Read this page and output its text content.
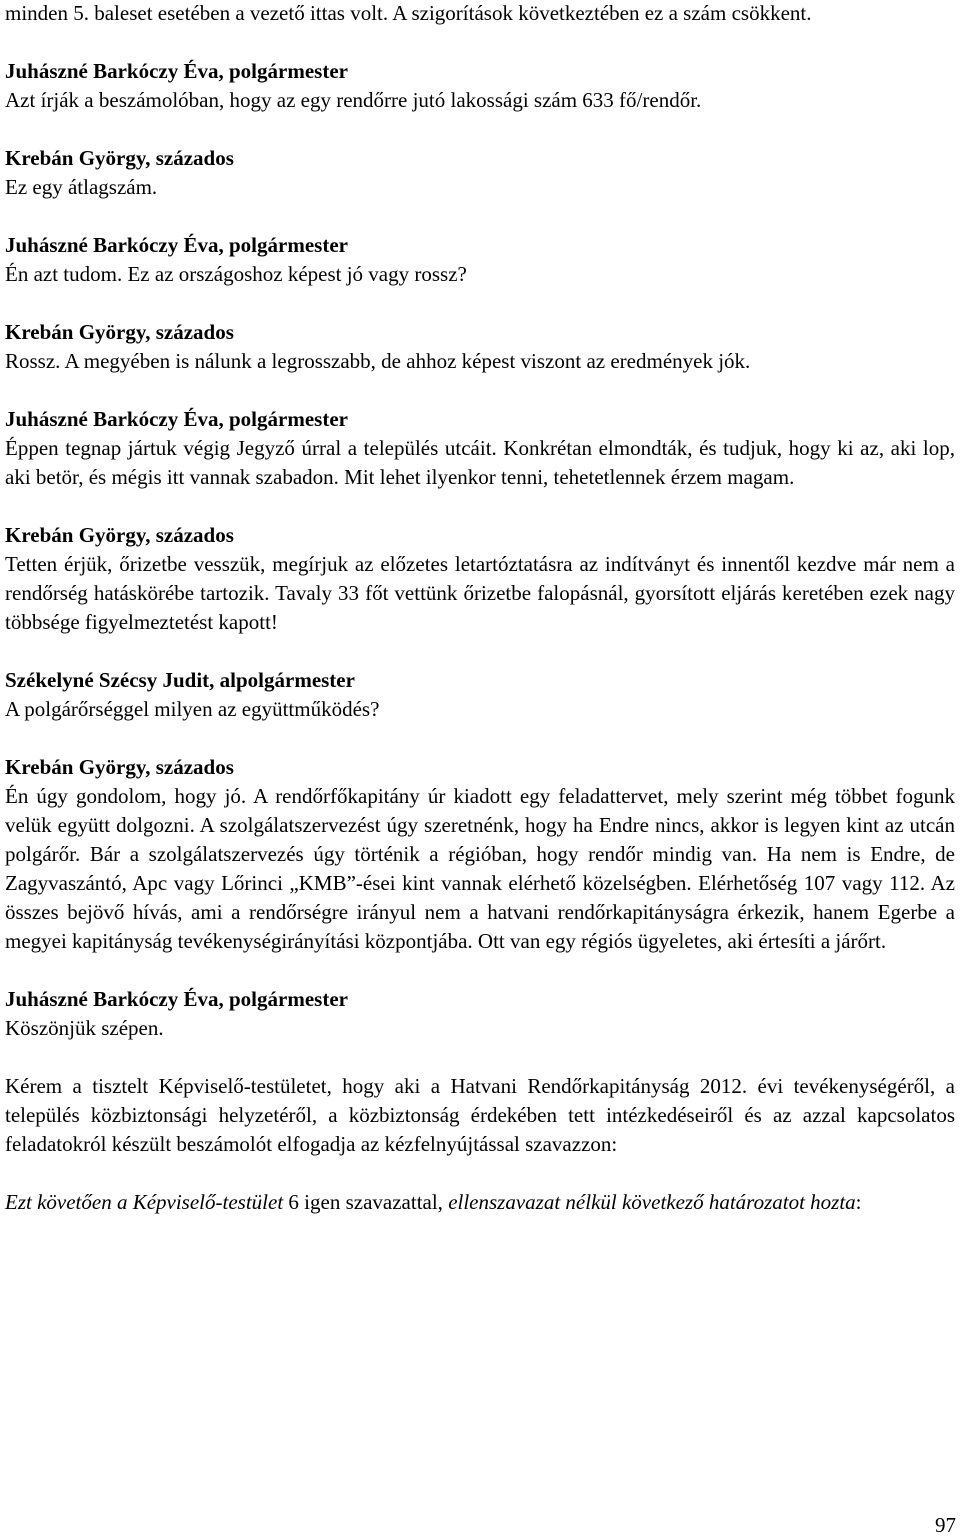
minden 5. baleset esetében a vezető ittas volt. A szigorítások következtében ez a szám csökkent.

Juhászné Barkóczy Éva, polgármester

Azt írják a beszámolóban, hogy az egy rendőrre jutó lakossági szám 633 fő/rendőr.

Krebán György, százados

Ez egy átlagszám.

Juhászné Barkóczy Éva, polgármester

Én azt tudom. Ez az országoshoz képest jó vagy rossz?

Krebán György, százados

Rossz. A megyében is nálunk a legrosszabb, de ahhoz képest viszont az eredmények jók.

Juhászné Barkóczy Éva, polgármester

Éppen tegnap jártuk végig Jegyző úrral a település utcáit. Konkrétan elmondták, és tudjuk, hogy ki az, aki lop, aki betör, és mégis itt vannak szabadon. Mit lehet ilyenkor tenni, tehetetlennek érzem magam.

Krebán György, százados

Tetten érjük, őrizetbe vesszük, megírjuk az előzetes letartóztatásra az indítványt és innentől kezdve már nem a rendőrség hatáskörébe tartozik. Tavaly 33 főt vettünk őrizetbe falopásnál, gyorsított eljárás keretében ezek nagy többsége figyelmeztetést kapott!

Székelyné Szécsy Judit, alpolgármester

A polgárőrséggel milyen az együttműködés?

Krebán György, százados

Én úgy gondolom, hogy jó. A rendőrfőkapitány úr kiadott egy feladattervet, mely szerint még többet fogunk velük együtt dolgozni. A szolgálatszervezést úgy szeretnénk, hogy ha Endre nincs, akkor is legyen kint az utcán polgárőr. Bár a szolgálatszervezés úgy történik a régióban, hogy rendőr mindig van. Ha nem is Endre, de Zagyvaszántó, Apc vagy Lőrinci „KMB”-ései kint vannak elérhető közelségben. Elérhetőség 107 vagy 112. Az összes bejövő hívás, ami a rendőrségre irányul nem a hatvani rendőrkapitányságra érkezik, hanem Egerbe a megyei kapitányság tevékenységirányítási központjába. Ott van egy régiós ügyeletes, aki értesíti a járőrt.

Juhászné Barkóczy Éva, polgármester

Köszönjük szépen.

Kérem a tisztelt Képviselő-testületet, hogy aki a Hatvani Rendőrkapitányság 2012. évi tevékenységéről, a település közbiztonsági helyzetéről, a közbiztonság érdekében tett intézkedéseiről és az azzal kapcsolatos feladatokról készült beszámolót elfogadja az kézfelnyújtással szavazzon:

Ezt követően a Képviselő-testület 6 igen szavazattal, ellenszavazat nélkül következő határozatot hozta:

97
